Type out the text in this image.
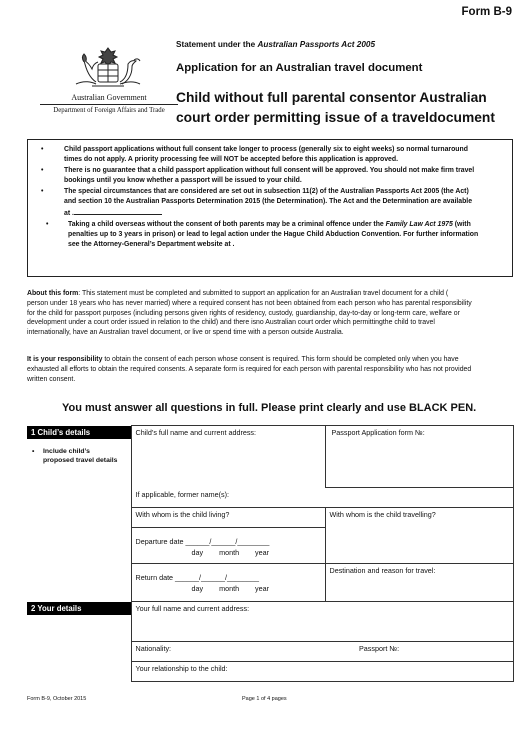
Form B-9
Australian Government
Department of Foreign Affairs and Trade
Statement under the Australian Passports Act 2005
Application for an Australian travel document
Child without full parental consentor Australian court order permitting issue of a traveldocument
•	Child passport applications without full consent take longer to process (generally six to eight weeks) so normal turnaround
times do not apply. A priority processing fee will NOT be accepted before this application is approved.
•	There is no guarantee that a child passport application without full consent will be approved. You should not make firm travel
bookings until you know whether a passport will be issued to your child.
•	The special circumstances that are considered are set out in subsection 11(2) of the Australian Passports Act 2005 (the Act)
and section 10 the Australian Passports Determination 2015 (the Determination). The Act and the Determination are available
at .
•	Taking a child overseas without the consent of both parents may be a criminal offence under the Family Law Act 1975 (with
penalties up to 3 years in prison) or lead to legal action under the Hague Child Abduction Convention. For further information
see the Attorney-General’s Department website at .
About this form: This statement must be completed and submitted to support an application for an Australian travel document for a child (
person under 18 years who has never married) where a required consent has not been obtained from each person who has parental responsibility
for the child for passport purposes (including persons given rights of residency, custody, guardianship, day-to-day or long-term care, welfare or
development under a court order issued in relation to the child) and there isno Australian court order which permittingthe child to travel
internationally, have an Australian travel document, or live or spend time with a person outside Australia.
It is your responsibility to obtain the consent of each person whose consent is required. This form should be completed only when you have
exhausted all efforts to obtain the required consents. A separate form is required for each person with parental responsibility who has not provided
written consent.
You must answer all questions in full. Please print clearly and use BLACK PEN.
1 Child’s details
• Include child’s
proposed travel details	Child’s full name and current address:	Passport Application form №:
	If applicable, former name(s):	
	With whom is the child living?	With whom is the child travelling?

	Departure date ______/______/________
day month year	

	Return date ______/______/________
day month year	Destination and reason for travel:

2 Your details	Your full name and current address:	
	Nationality:	Passport №:
	Your relationship to the child:	
Form B-9, October 2015	Page 1 of 4 pages
